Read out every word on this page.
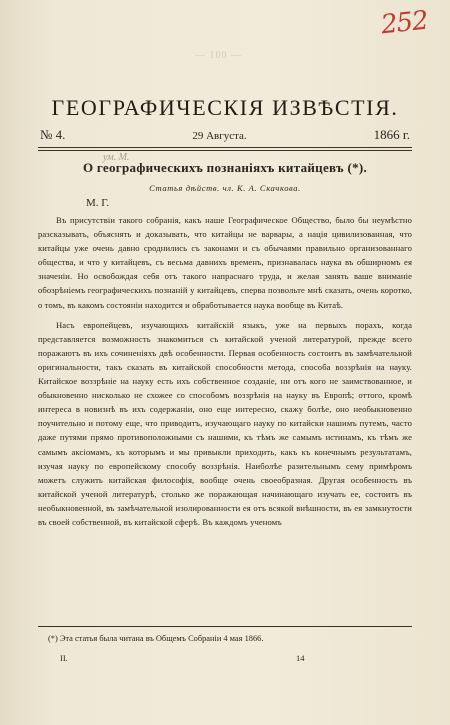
252
— 100 —
ГЕОГРАФИЧЕСКІЯ ИЗВѢСТІЯ.
№ 4.	29 Августа.	1866 г.
ум. М.
О географическихъ познаніяхъ китайцевъ (*).
Статья дѣйств. чл. К. А. Скачкова.
М. Г.

Въ присутствіи такого собранія, какъ наше Географическое Общество, было бы неумѣстно разсказывать, объяснять и доказывать, что китайцы не варвары, а нація цивилизованная, что китайцы уже очень давно сроднились съ законами и съ обычаями правильно организованнаго общества, и что у китайцевъ, съ весьма давнихъ временъ, признавалась наука въ обширномъ ея значеніи. Но освобождая себя отъ такого напраснаго труда, и желая занять ваше вниманіе обозрѣніемъ географическихъ познаній у китайцевъ, сперва позвольте мнѣ сказать, очень коротко, о томъ, въ какомъ состояніи находится и обработывается наука вообще въ Китаѣ.

Насъ европейцевъ, изучающихъ китайскій языкъ, уже на первыхъ порахъ, когда представляется возможность знакомиться съ китайской ученой литературой, прежде всего поражаютъ въ ихъ сочиненіяхъ двѣ особенности. Первая особенность состоитъ въ замѣчательной оригинальности, такъ сказать въ китайской способности метода, способа воззрѣнія на науку. Китайское воззрѣніе на науку есть ихъ собственное созданіе, ни отъ кого не заимствованное, и обыкновенно нисколько не схожее со способомъ воззрѣнія на науку въ Европѣ; оттого, кромѣ интереса в новизнѣ въ ихъ содержаніи, оно еще интересно, скажу болѣе, оно необыкновенно поучительно и потому еще, что приводитъ, изучающаго науку по китайски нашимъ путемъ, часто даже путями прямо противоположными съ нашими, къ тѣмъ же самымъ истинамъ, къ тѣмъ же самымъ аксіомамъ, къ которымъ и мы привыкли приходить, какъ къ конечнымъ результатамъ, изучая науку по европейскому способу воззрѣнія. Наиболѣе разительнымъ сему примѣромъ можетъ служить китайская философія, вообще очень своеобразная. Другая особенность въ китайской ученой литературѣ, столько же поражающая начинающаго изучать ее, состоитъ въ необыкновенной, въ замѣчательной изолированности ея отъ всякой внѣшности, въ ея замкнутости въ своей собственной, въ китайской сферѣ. Въ каждомъ ученомъ

(*) Эта статья была читана въ Общемъ Собраніи 4 мая 1866.
II.	14
